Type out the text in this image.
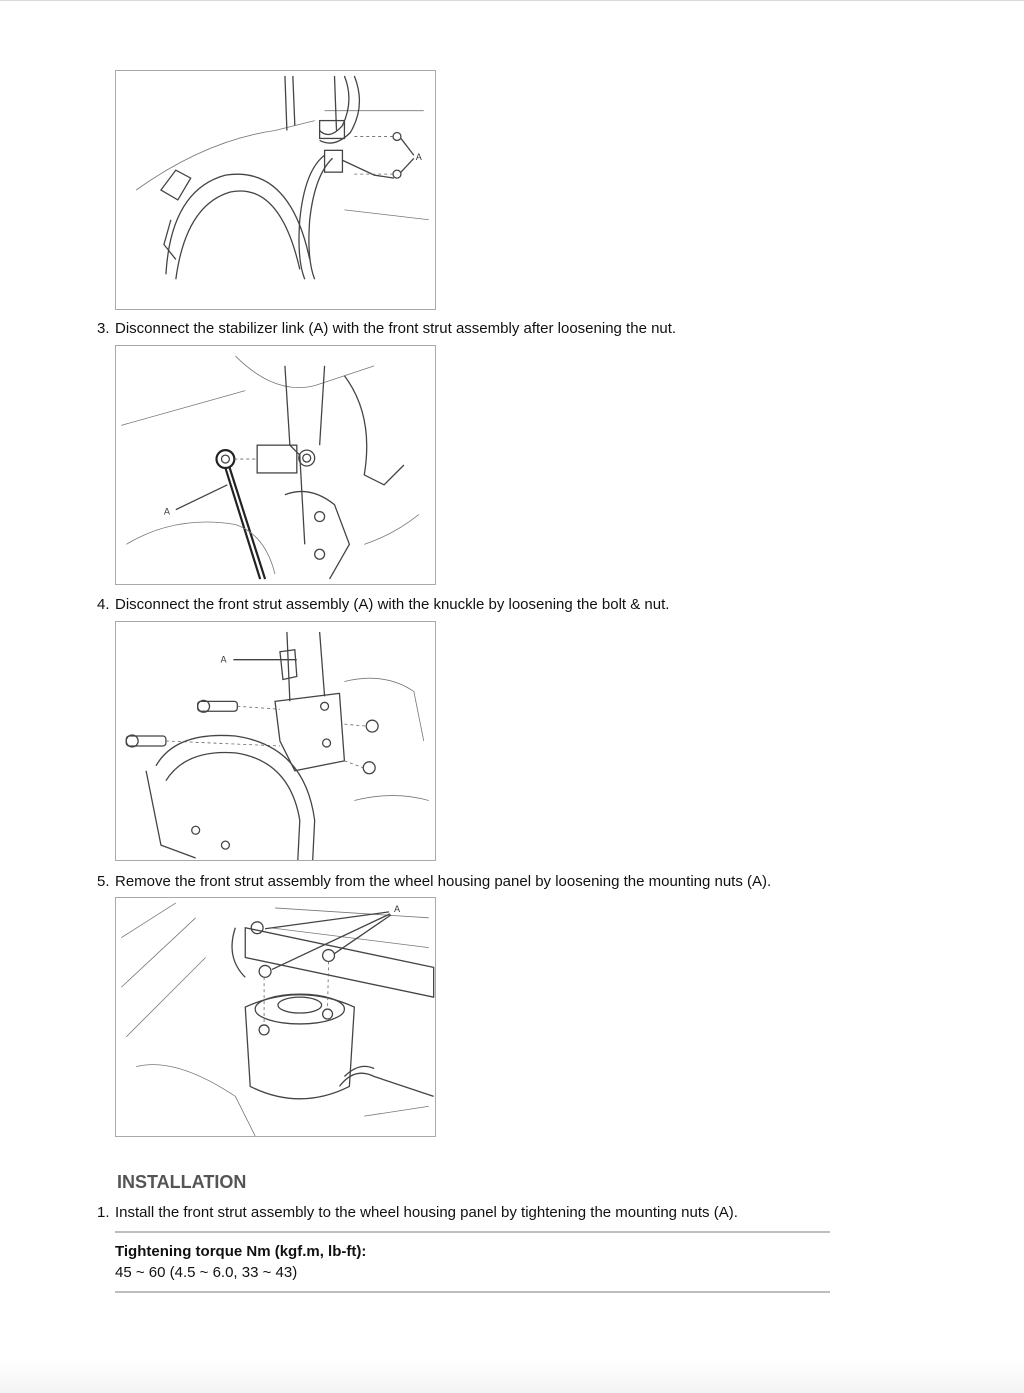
A
3. Disconnect the stabilizer link (A) with the front strut assembly after loosening the nut.
A
4. Disconnect the front strut assembly (A) with the knuckle by loosening the bolt & nut.
A
5. Remove the front strut assembly from the wheel housing panel by loosening the mounting nuts (A).
A
INSTALLATION
1. Install the front strut assembly to the wheel housing panel by tightening the mounting nuts (A).
Tightening torque Nm (kgf.m, lb-ft):
45 ~ 60 (4.5 ~ 6.0, 33 ~ 43)
